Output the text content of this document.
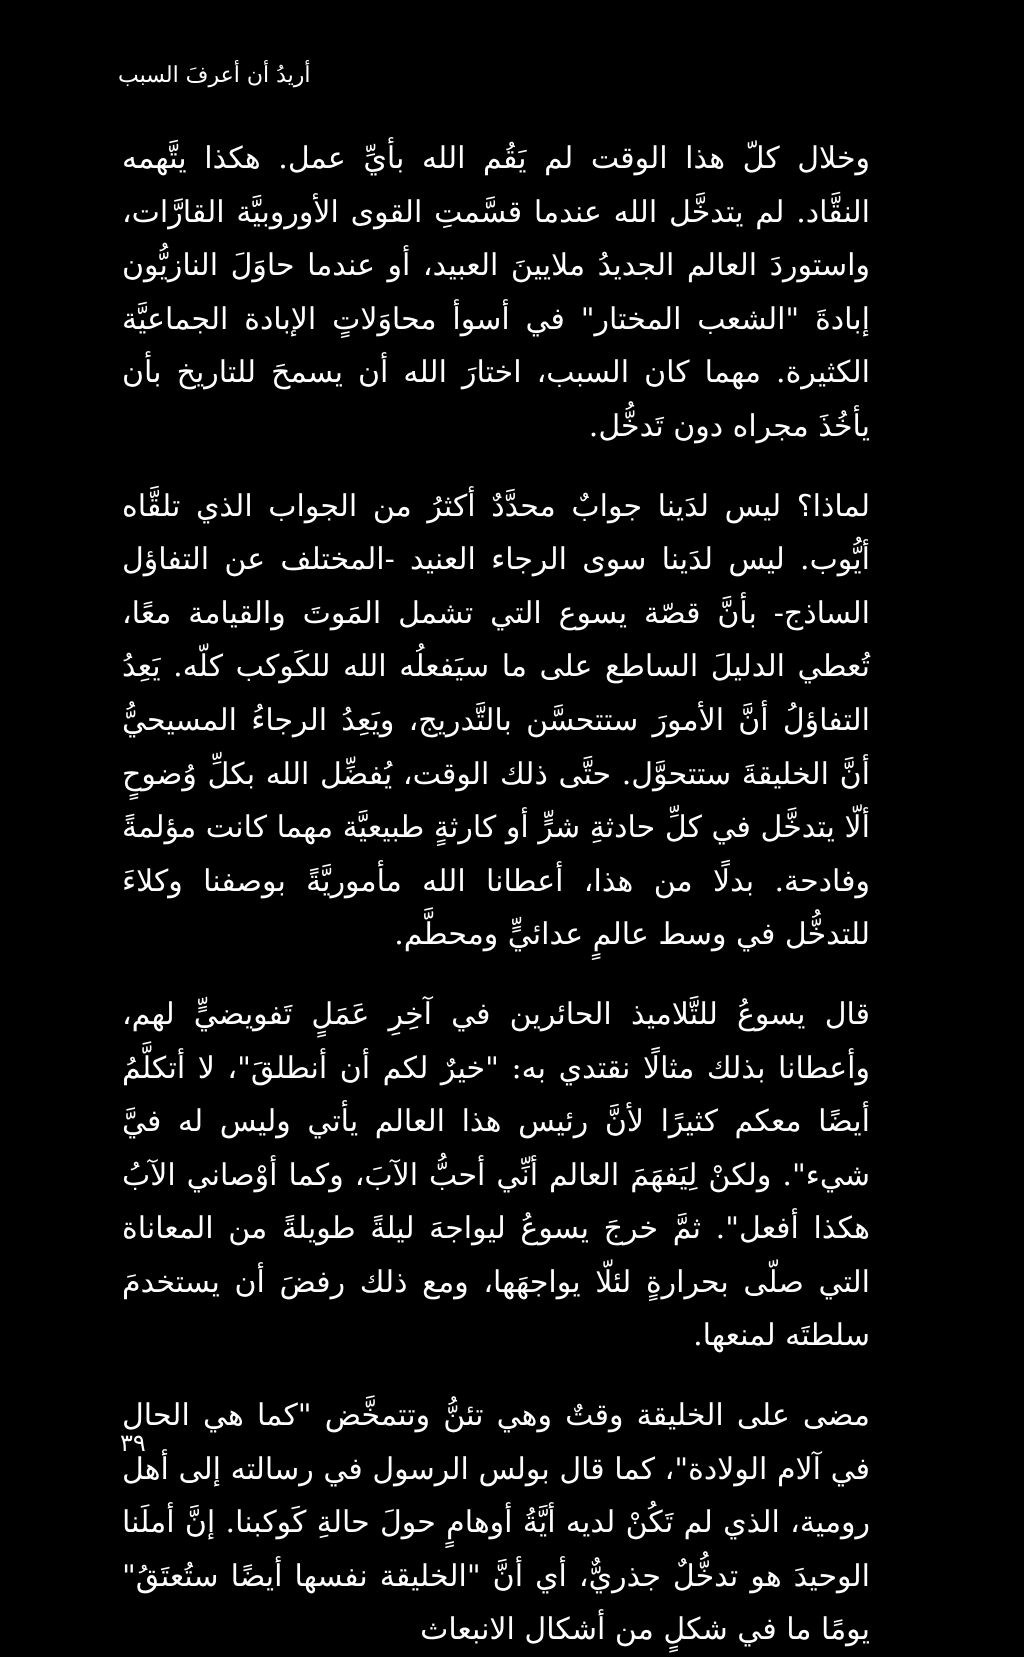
أريدُ أن أعرفَ السبب

وخلال كلّ هذا الوقت لم يَقُم الله بأيِّ عمل. هكذا يتَّهمه النقَّاد. لم يتدخَّل الله عندما قسَّمتِ القوى الأوروبيَّة القارَّات، واستوردَ العالم الجديدُ ملايينَ العبيد، أو عندما حاوَلَ النازيُّون إبادةَ "الشعب المختار" في أسوأ محاوَلاتٍ الإبادة الجماعيَّة الكثيرة. مهما كان السبب، اختارَ الله أن يسمحَ للتاريخ بأن يأخُذَ مجراه دون تَدخُّل.

لماذا؟ ليس لدَينا جوابٌ محدَّدٌ أكثرُ من الجواب الذي تلقَّاه أيُّوب. ليس لدَينا سوى الرجاء العنيد -المختلف عن التفاؤل الساذج- بأنَّ قصّة يسوع التي تشمل المَوتَ والقيامة معًا، تُعطي الدليلَ الساطع على ما سيَفعلُه الله للكَوكب كلّه. يَعِدُ التفاؤلُ أنَّ الأمورَ ستتحسَّن بالتَّدريج، ويَعِدُ الرجاءُ المسيحيُّ أنَّ الخليقةَ ستتحوَّل. حتَّى ذلك الوقت، يُفضِّل الله بكلِّ وُضوحٍ ألّا يتدخَّل في كلِّ حادثةِ شرٍّ أو كارثةٍ طبيعيَّة مهما كانت مؤلمةً وفادحة. بدلًا من هذا، أعطانا الله مأموريَّةً بوصفنا وكلاءَ للتدخُّل في وسط عالمٍ عدائيٍّ ومحطَّم.

قال يسوعُ للتَّلاميذ الحائرين في آخِرِ عَمَلٍ تَفويضيٍّ لهم، وأعطانا بذلك مثالًا نقتدي به: "خيرٌ لكم أن أنطلقَ"، لا أتكلَّمُ أيضًا معكم كثيرًا لأنَّ رئيس هذا العالم يأتي وليس له فيَّ شيء". ولكنْ لِيَفهَمَ العالم أنِّي أحبُّ الآبَ، وكما أوْصاني الآبُ هكذا أفعل". ثمَّ خرجَ يسوعُ ليواجهَ ليلةً طويلةً من المعاناة التي صلّى بحرارةٍ لئلّا يواجهَها، ومع ذلك رفضَ أن يستخدمَ سلطتَه لمنعها.

مضى على الخليقة وقتٌ وهي تئنُّ وتتمخَّض "كما هي الحال في آلام الولادة"، كما قال بولس الرسول في رسالته إلى أهل رومية، الذي لم تَكُنْ لديه أيَّةُ أوهامٍ حولَ حالةِ كَوكبنا. إنَّ أملَنا الوحيدَ هو تدخُّلٌ جذريٌّ، أي أنَّ "الخليقة نفسها أيضًا ستُعتَقُ" يومًا ما في شكلٍ من أشكال الانبعاث

٣٩
